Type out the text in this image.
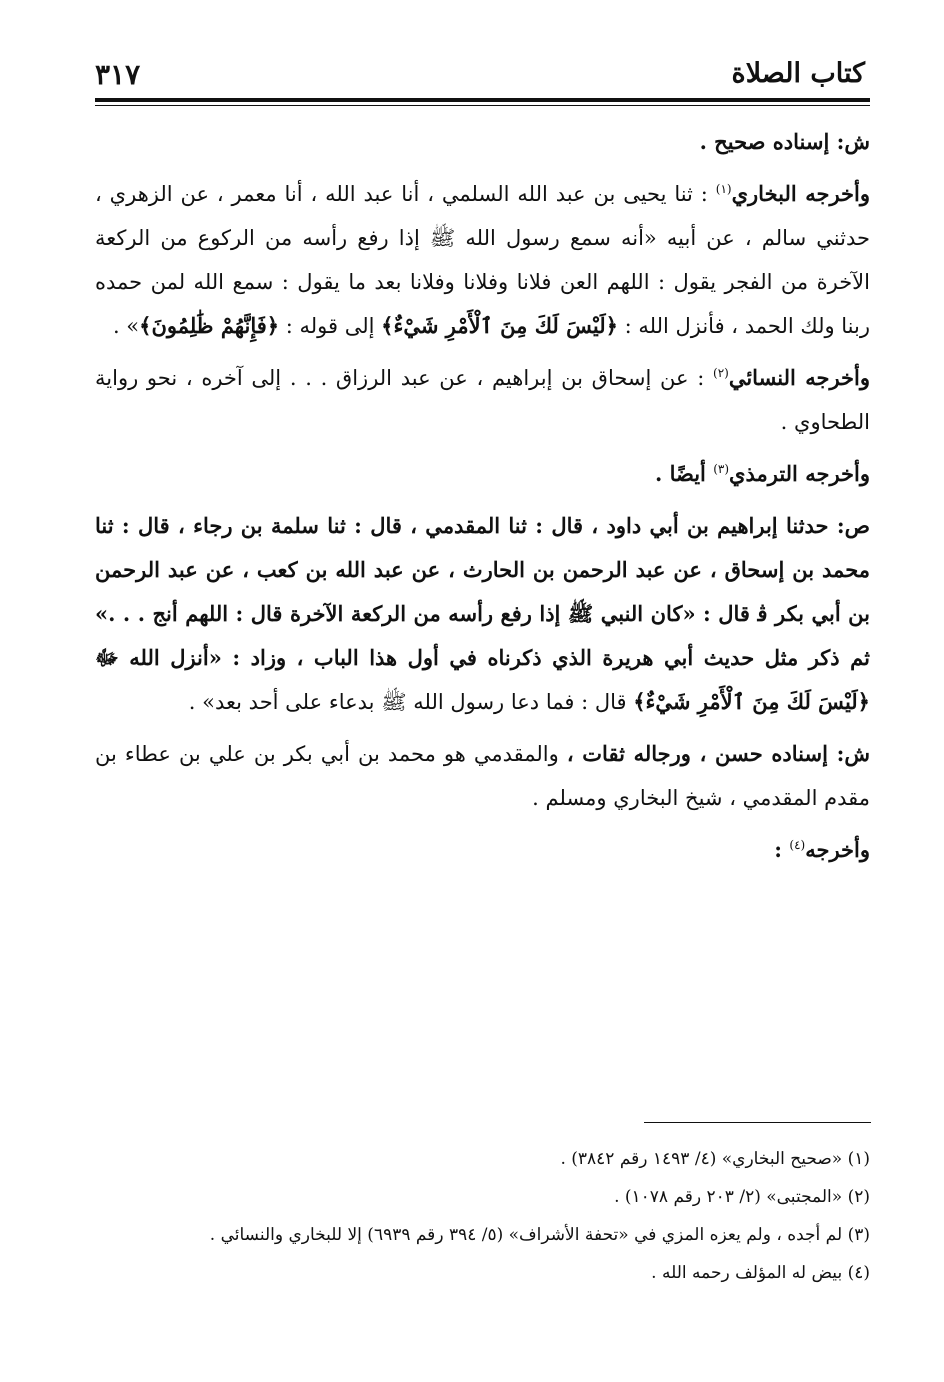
كتاب الصلاة
٣١٧

ش: إسناده صحيح .

وأخرجه البخاري$^{(١)}$ : ثنا يحيى بن عبد الله السلمي ، أنا عبد الله ، أنا معمر ، عن الزهري ، حدثني سالم ، عن أبيه «أنه سمع رسول الله ﷺ إذا رفع رأسه من الركوع من الركعة الآخرة من الفجر يقول : اللهم العن فلانا وفلانا وفلانا بعد ما يقول : سمع الله لمن حمده ربنا ولك الحمد ، فأنزل الله : ﴿لَيْسَ لَكَ مِنَ ٱلْأَمْرِ شَيْءٌ﴾ إلى قوله : ﴿فَإِنَّهُمْ ظَٰلِمُونَ﴾» .

وأخرجه النسائي$^{(٢)}$ : عن إسحاق بن إبراهيم ، عن عبد الرزاق . . . إلى آخره ، نحو رواية الطحاوي .

وأخرجه الترمذي$^{(٣)}$ أيضًا .

ص: حدثنا إبراهيم بن أبي داود ، قال : ثنا المقدمي ، قال : ثنا سلمة بن رجاء ، قال : ثنا محمد بن إسحاق ، عن عبد الرحمن بن الحارث ، عن عبد الله بن كعب ، عن عبد الرحمن بن أبي بكر ﭬ قال : «كان النبي ﷺ إذا رفع رأسه من الركعة الآخرة قال : اللهم أنج . . .» ثم ذكر مثل حديث أبي هريرة الذي ذكرناه في أول هذا الباب ، وزاد : «أنزل الله ﷻ ﴿لَيْسَ لَكَ مِنَ ٱلْأَمْرِ شَيْءٌ﴾ قال : فما دعا رسول الله ﷺ بدعاء على أحد بعد» .

ش: إسناده حسن ، ورجاله ثقات ، والمقدمي هو محمد بن أبي بكر بن علي بن عطاء بن مقدم المقدمي ، شيخ البخاري ومسلم .

وأخرجه$^{(٤)}$ :

(١) «صحيح البخاري» (٤/ ١٤٩٣ رقم ٣٨٤٢) .

(٢) «المجتبى» (٢/ ٢٠٣ رقم ١٠٧٨) .

(٣) لم أجده ، ولم يعزه المزي في «تحفة الأشراف» (٥/ ٣٩٤ رقم ٦٩٣٩) إلا للبخاري والنسائي .

(٤) بيض له المؤلف رحمه الله .
